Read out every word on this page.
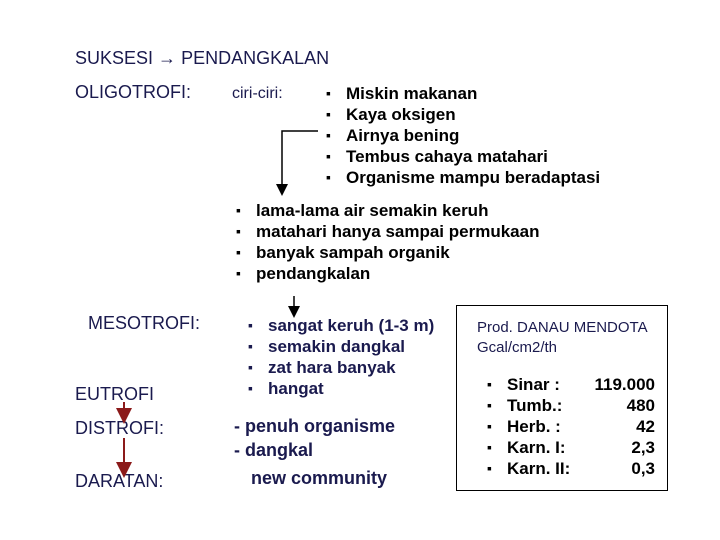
SUKSESI → PENDANGKALAN
OLIGOTROFI:	ciri-ciri:
MESOTROFI:
EUTROFI
DISTROFI:
DARATAN:
▪ Miskin makanan
▪ Kaya oksigen
▪ Airnya bening
▪ Tembus cahaya matahari
▪ Organisme mampu beradaptasi
▪ lama-lama air semakin keruh
▪ matahari hanya sampai permukaan
▪ banyak sampah organik
▪ pendangkalan
▪ sangat keruh (1-3 m)
▪ semakin dangkal
▪ zat hara banyak
▪ hangat
- penuh organisme
- dangkal
new community
Prod. DANAU MENDOTA
Gcal/cm2/th
▪ Sinar :	119.000
▪ Tumb.:	480
▪ Herb. :	42
▪ Karn. I:	2,3
▪ Karn. II:	0,3
